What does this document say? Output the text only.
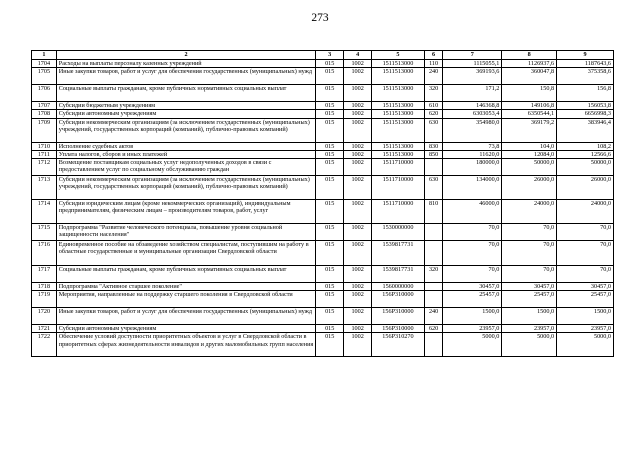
273
1	2	3	4	5	6	7	8	9
1704	Расходы на выплаты персоналу казенных учреждений	015	1002	1511513000	110	1115055,1	1126937,6	1187643,6
1705	Иные закупки товаров, работ и услуг для обеспечения государственных (муниципальных) нужд	015	1002	1511513000	240	369193,6	360047,8	375358,6
1706	Социальные выплаты гражданам, кроме публичных нормативных социальных выплат	015	1002	1511513000	320	171,2	150,8	156,8
1707	Субсидии бюджетным учреждениям	015	1002	1511513000	610	146368,8	149106,8	156053,8
1708	Субсидии автономным учреждениям	015	1002	1511513000	620	6303053,4	6350544,1	6656998,3
1709	Субсидии некоммерческим организациям (за исключением государственных (муниципальных) учреждений, государственных корпораций (компаний), публично-правовых компаний)	015	1002	1511513000	630	354980,0	369179,2	383946,4
1710	Исполнение судебных актов	015	1002	1511513000	830	73,8	104,0	108,2
1711	Уплата налогов, сборов и иных платежей	015	1002	1511513000	850	11620,0	12084,0	12566,6
1712	Возмещение поставщикам социальных услуг недополученных доходов в связи с предоставлением услуг по социальному обслуживанию граждан	015	1002	1511710000		180000,0	50000,0	50000,0
1713	Субсидии некоммерческим организациям (за исключением государственных (муниципальных) учреждений, государственных корпораций (компаний), публично-правовых компаний)	015	1002	1511710000	630	134000,0	26000,0	26000,0
1714	Субсидии юридическим лицам (кроме некоммерческих организаций), индивидуальным предпринимателям, физическим лицам – производителям товаров, работ, услуг	015	1002	1511710000	810	46000,0	24000,0	24000,0
1715	Подпрограмма "Развитие человеческого потенциала, повышение уровня социальной защищенности населения"	015	1002	1530000000		70,0	70,0	70,0
1716	Единовременное пособие на обзаведение хозяйством специалистам, поступившим на работу в областные государственные и муниципальные организации Свердловской области	015	1002	1539817731		70,0	70,0	70,0
1717	Социальные выплаты гражданам, кроме публичных нормативных социальных выплат	015	1002	1539817731	320	70,0	70,0	70,0
1718	Подпрограмма "Активное старшее поколение"	015	1002	1560000000		30457,0	30457,0	30457,0
1719	Мероприятия, направленные на поддержку старшего поколения в Свердловской области	015	1002	156Р310000		25457,0	25457,0	25457,0
1720	Иные закупки товаров, работ и услуг для обеспечения государственных (муниципальных) нужд	015	1002	156Р310000	240	1500,0	1500,0	1500,0
1721	Субсидии автономным учреждениям	015	1002	156Р310000	620	23957,0	23957,0	23957,0
1722	Обеспечение условий доступности приоритетных объектов и услуг в Свердловской области в приоритетных сферах жизнедеятельности инвалидов и других маломобильных групп населения	015	1002	156Р310270		5000,0	5000,0	5000,0
